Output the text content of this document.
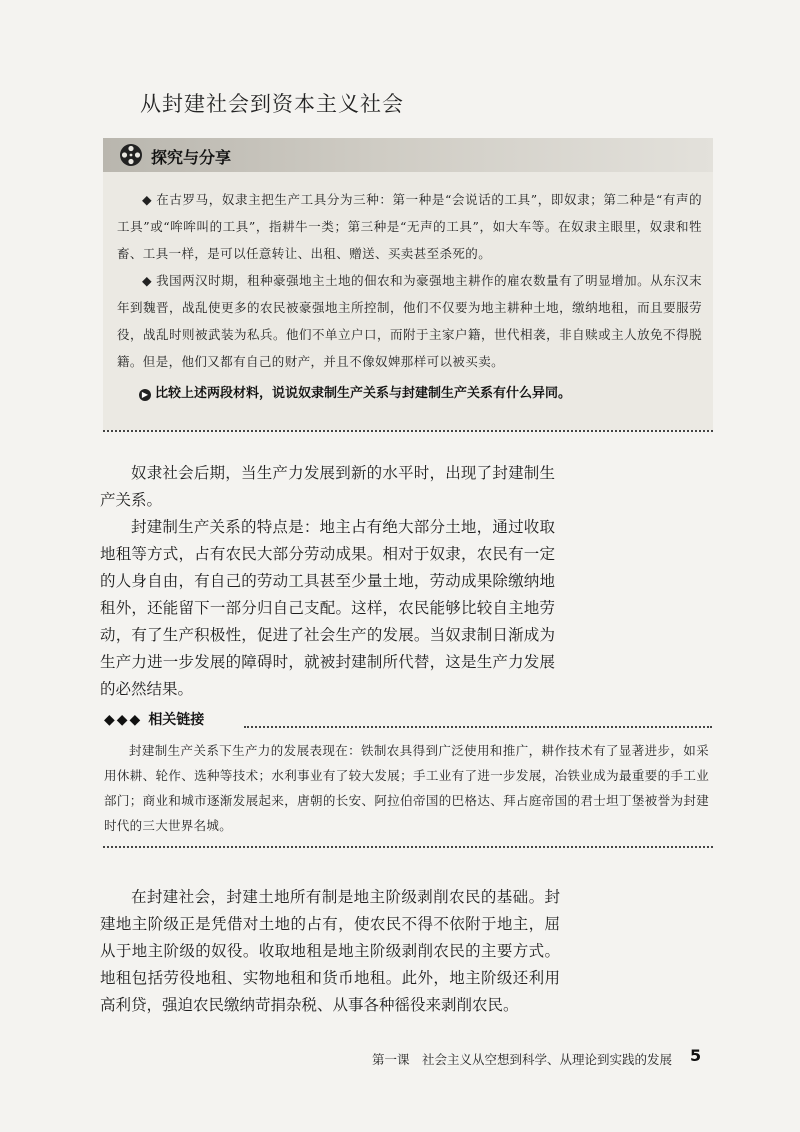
从封建社会到资本主义社会
探究与分享

◆ 在古罗马，奴隶主把生产工具分为三种：第一种是“会说话的工具”，即奴隶；第二种是“有声的工具”或“哞哞叫的工具”，指耕牛一类；第三种是“无声的工具”，如大车等。在奴隶主眼里，奴隶和牲畜、工具一样，是可以任意转让、出租、赠送、买卖甚至杀死的。

◆ 我国两汉时期，租种豪强地主土地的佃农和为豪强地主耕作的雇农数量有了明显增加。从东汉末年到魏晋，战乱使更多的农民被豪强地主所控制，他们不仅要为地主耕种土地，缴纳地租，而且要服劳役，战乱时则被武装为私兵。他们不单立户口，而附于主家户籍，世代相袭，非自赎或主人放免不得脱籍。但是，他们又都有自己的财产，并且不像奴婢那样可以被买卖。

▶ 比较上述两段材料，说说奴隶制生产关系与封建制生产关系有什么异同。

奴隶社会后期，当生产力发展到新的水平时，出现了封建制生产关系。

封建制生产关系的特点是：地主占有绝大部分土地，通过收取地租等方式，占有农民大部分劳动成果。相对于奴隶，农民有一定的人身自由，有自己的劳动工具甚至少量土地，劳动成果除缴纳地租外，还能留下一部分归自己支配。这样，农民能够比较自主地劳动，有了生产积极性，促进了社会生产的发展。当奴隶制日渐成为生产力进一步发展的障碍时，就被封建制所代替，这是生产力发展的必然结果。

◆◆◆ 相关链接

封建制生产关系下生产力的发展表现在：铁制农具得到广泛使用和推广，耕作技术有了显著进步，如采用休耕、轮作、选种等技术；水利事业有了较大发展；手工业有了进一步发展，冶铁业成为最重要的手工业部门；商业和城市逐渐发展起来，唐朝的长安、阿拉伯帝国的巴格达、拜占庭帝国的君士坦丁堡被誉为封建时代的三大世界名城。

在封建社会，封建土地所有制是地主阶级剥削农民的基础。封建地主阶级正是凭借对土地的占有，使农民不得不依附于地主，屈从于地主阶级的奴役。收取地租是地主阶级剥削农民的主要方式。地租包括劳役地租、实物地租和货币地租。此外，地主阶级还利用高利贷，强迫农民缴纳苛捐杂税、从事各种徭役来剥削农民。

第一课　社会主义从空想到科学、从理论到实践的发展 5
